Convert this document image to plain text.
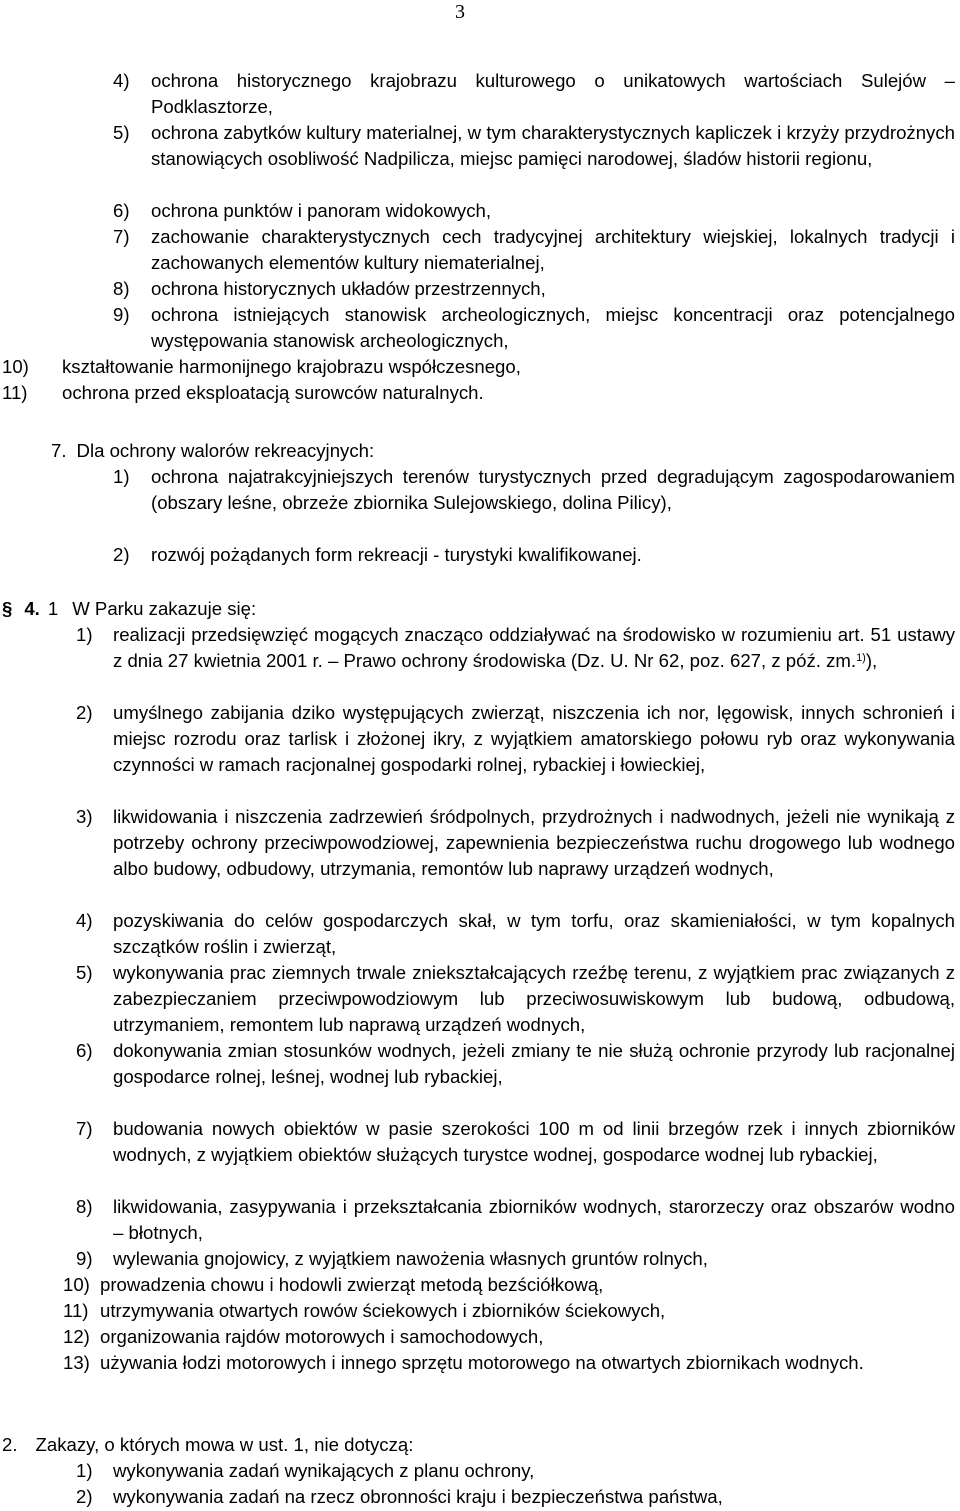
3
4) ochrona historycznego krajobrazu kulturowego o unikatowych wartościach Sulejów – Podklasztorze,
5) ochrona zabytków kultury materialnej, w tym charakterystycznych kapliczek i krzyży przydrożnych stanowiących osobliwość Nadpilicza, miejsc pamięci narodowej, śladów historii regionu,
6) ochrona punktów i panoram widokowych,
7) zachowanie charakterystycznych cech tradycyjnej architektury wiejskiej, lokalnych tradycji i zachowanych elementów kultury niematerialnej,
8) ochrona historycznych układów przestrzennych,
9) ochrona istniejących stanowisk archeologicznych, miejsc koncentracji oraz potencjalnego występowania stanowisk archeologicznych,
10) kształtowanie harmonijnego krajobrazu współczesnego,
11) ochrona przed eksploatacją surowców naturalnych.
7. Dla ochrony walorów rekreacyjnych:
1) ochrona najatrakcyjniejszych terenów turystycznych przed degradującym zagospodarowaniem (obszary leśne, obrzeże zbiornika Sulejowskiego, dolina Pilicy),
2) rozwój pożądanych form rekreacji - turystyki kwalifikowanej.
§ 4. 1 W Parku zakazuje się:
1) realizacji przedsięwzięć mogących znacząco oddziaływać na środowisko w rozumieniu art. 51 ustawy z dnia 27 kwietnia 2001 r. – Prawo ochrony środowiska (Dz. U. Nr 62, poz. 627, z póź. zm.$^{1)}$),
2) umyślnego zabijania dziko występujących zwierząt, niszczenia ich nor, lęgowisk, innych schronień i miejsc rozrodu oraz tarlisk i złożonej ikry, z wyjątkiem amatorskiego połowu ryb oraz wykonywania czynności w ramach racjonalnej gospodarki rolnej, rybackiej i łowieckiej,
3) likwidowania i niszczenia zadrzewień śródpolnych, przydrożnych i nadwodnych, jeżeli nie wynikają z potrzeby ochrony przeciwpowodziowej, zapewnienia bezpieczeństwa ruchu drogowego lub wodnego albo budowy, odbudowy, utrzymania, remontów lub naprawy urządzeń wodnych,
4) pozyskiwania do celów gospodarczych skał, w tym torfu, oraz skamieniałości, w tym kopalnych szczątków roślin i zwierząt,
5) wykonywania prac ziemnych trwale zniekształcających rzeźbę terenu, z wyjątkiem prac związanych z zabezpieczaniem przeciwpowodziowym lub przeciwosuwiskowym lub budową, odbudową, utrzymaniem, remontem lub naprawą urządzeń wodnych,
6) dokonywania zmian stosunków wodnych, jeżeli zmiany te nie służą ochronie przyrody lub racjonalnej gospodarce rolnej, leśnej, wodnej lub rybackiej,
7) budowania nowych obiektów w pasie szerokości 100 m od linii brzegów rzek i innych zbiorników wodnych, z wyjątkiem obiektów służących turystce wodnej, gospodarce wodnej lub rybackiej,
8) likwidowania, zasypywania i przekształcania zbiorników wodnych, starorzeczy oraz obszarów wodno – błotnych,
9) wylewania gnojowicy, z wyjątkiem nawożenia własnych gruntów rolnych,
10) prowadzenia chowu i hodowli zwierząt metodą bezściółkową,
11) utrzymywania otwartych rowów ściekowych i zbiorników ściekowych,
12) organizowania rajdów motorowych i samochodowych,
13) używania łodzi motorowych i innego sprzętu motorowego na otwartych zbiornikach wodnych.
2. Zakazy, o których mowa w ust. 1, nie dotyczą:
1) wykonywania zadań wynikających z planu ochrony,
2) wykonywania zadań na rzecz obronności kraju i bezpieczeństwa państwa,
